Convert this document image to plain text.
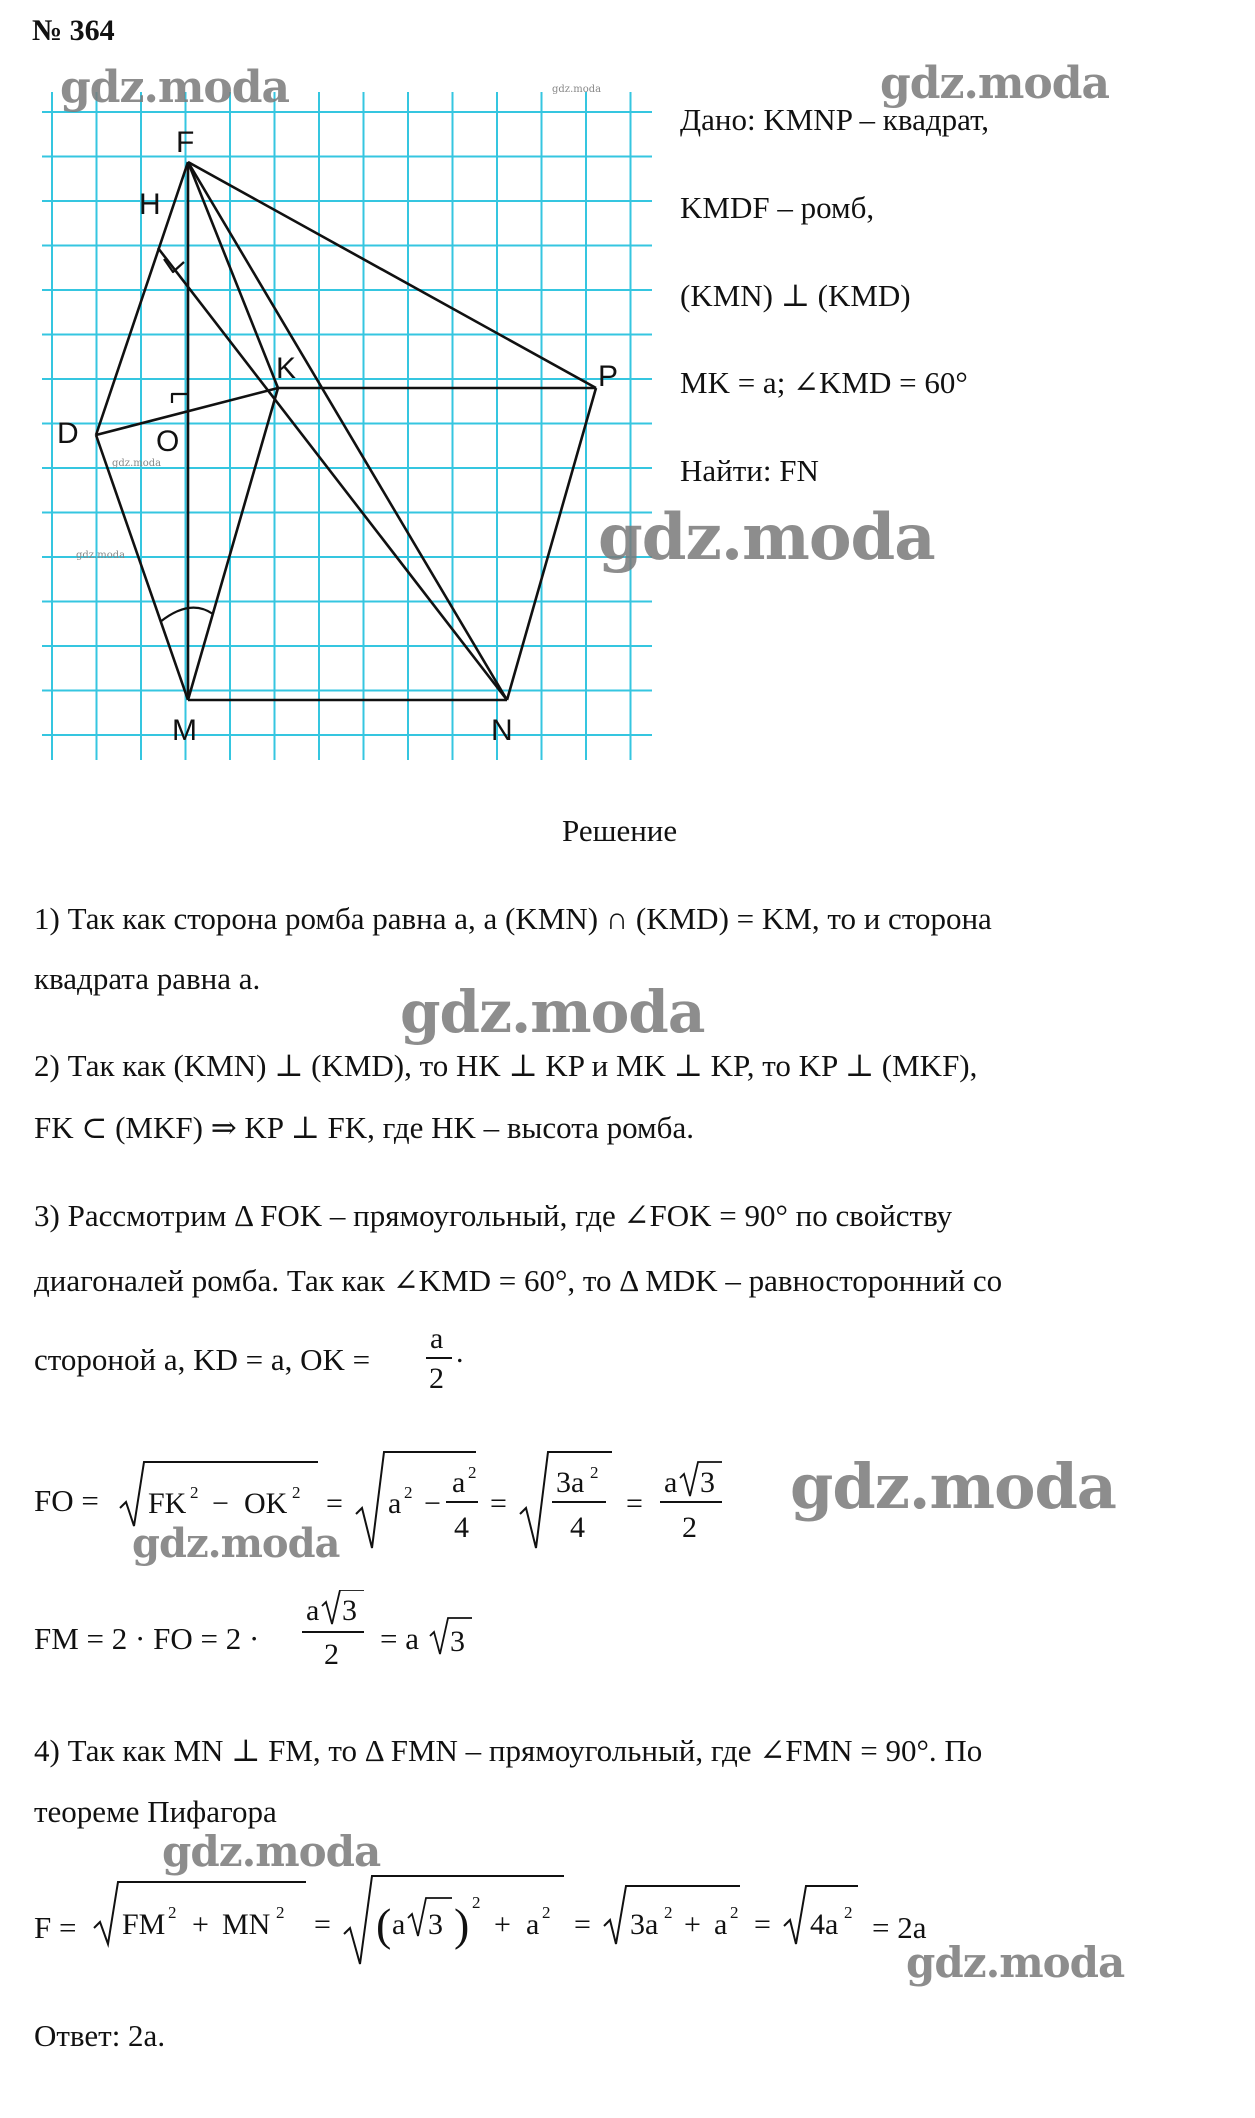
№ 364
F
H
K	P
D	O
M	N
Дано: KMNP – квадрат,
KMDF – ромб,
(KMN) ⊥ (KMD)
MK = a; ∠KMD = 60°
Найти: FN
Решение
1) Так как сторона ромба равна a, а (KMN) ∩ (KMD) = KM, то и сторона
квадрата равна a.
2) Так как (KMN) ⊥ (KMD), то HK ⊥ KP и MK ⊥ KP, то KP ⊥ (MKF),
FK ⊂ (MKF) ⇒ KP ⊥ FK, где HK – высота ромба.
3) Рассмотрим Δ FOK – прямоугольный, где ∠FOK = 90° по свойству
диагоналей ромба. Так как ∠KMD = 60°, то Δ MDK – равносторонний со
стороной a, KD = a, OK =
a
2
.
FO = FK 2 − OK 2 = a 2 −
a 2
4
=
3a 2
4
=
a 3
2
FM = 2 · FO = 2 ·
a 3
2 = a 3
4) Так как MN ⊥ FM, то Δ FMN – прямоугольный, где ∠FMN = 90°. По
теореме Пифагора
F = FM 2 + MN 2 = ( a 3 ) 2
+ a 2 = 3a 2 + a 2 = 4a 2 = 2a
Ответ: 2a.
gdz.moda	gdz.moda
gdz.moda
gdz.moda
gdz.moda
gdz.moda
gdz.moda
gdz.moda
gdz.moda
gdz.moda
gdz.moda
